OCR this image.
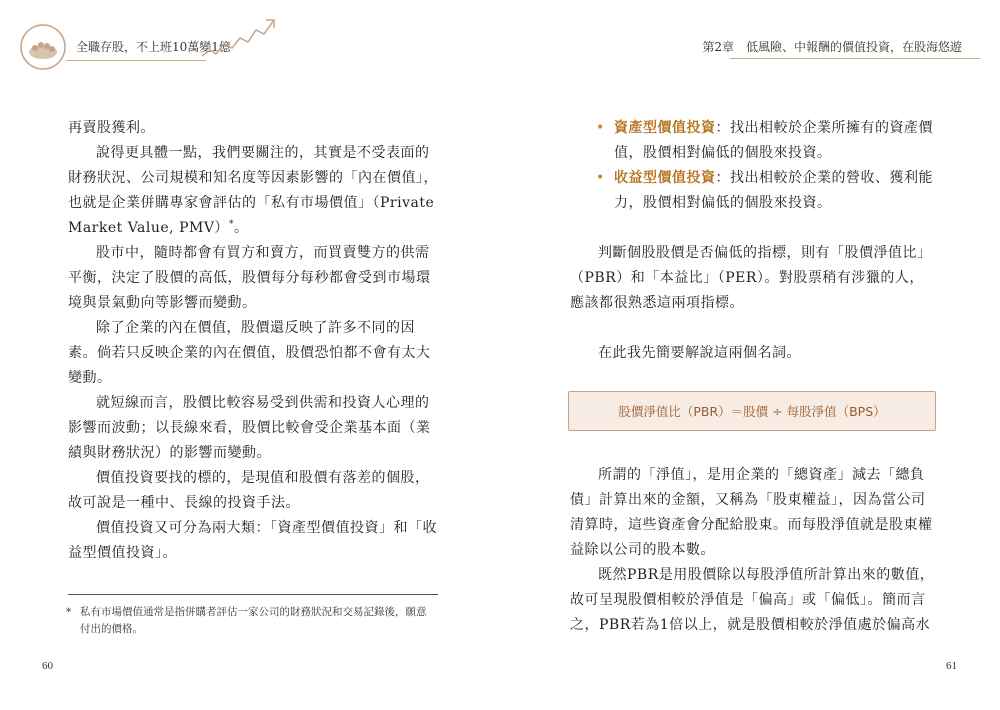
全職存股，不上班10萬變1億

再賣股獲利。

說得更具體一點，我們要關注的，其實是不受表面的財務狀況、公司規模和知名度等因素影響的「內在價值」，也就是企業併購專家會評估的「私有市場價值」（Private Market Value, PMV）*。

股市中，隨時都會有買方和賣方，而買賣雙方的供需平衡，決定了股價的高低，股價每分每秒都會受到市場環境與景氣動向等影響而變動。

除了企業的內在價值，股價還反映了許多不同的因素。倘若只反映企業的內在價值，股價恐怕都不會有太大變動。

就短線而言，股價比較容易受到供需和投資人心理的影響而波動；以長線來看，股價比較會受企業基本面（業績與財務狀況）的影響而變動。

價值投資要找的標的，是現值和股價有落差的個股，故可說是一種中、長線的投資手法。

價值投資又可分為兩大類：「資產型價值投資」和「收益型價值投資」。

* 私有市場價值通常是指併購者評估一家公司的財務狀況和交易記錄後，願意
付出的價格。
60
第2章　低風險、中報酬的價值投資，在股海悠遊
• 資產型價值投資：找出相較於企業所擁有的資產價值，股價相對偏低的個股來投資。
• 收益型價值投資：找出相較於企業的營收、獲利能力，股價相對偏低的個股來投資。

判斷個股股價是否偏低的指標，則有「股價淨值比」（PBR）和「本益比」（PER）。對股票稍有涉獵的人，應該都很熟悉這兩項指標。

在此我先簡要解說這兩個名詞。

股價淨值比（PBR）＝股價 ÷ 每股淨值（BPS）

所謂的「淨值」，是用企業的「總資產」減去「總負債」計算出來的金額，又稱為「股東權益」，因為當公司清算時，這些資產會分配給股東。而每股淨值就是股東權益除以公司的股本數。

既然PBR是用股價除以每股淨值所計算出來的數值，故可呈現股價相較於淨值是「偏高」或「偏低」。簡而言之，PBR若為1倍以上，就是股價相較於淨值處於偏高水

61
